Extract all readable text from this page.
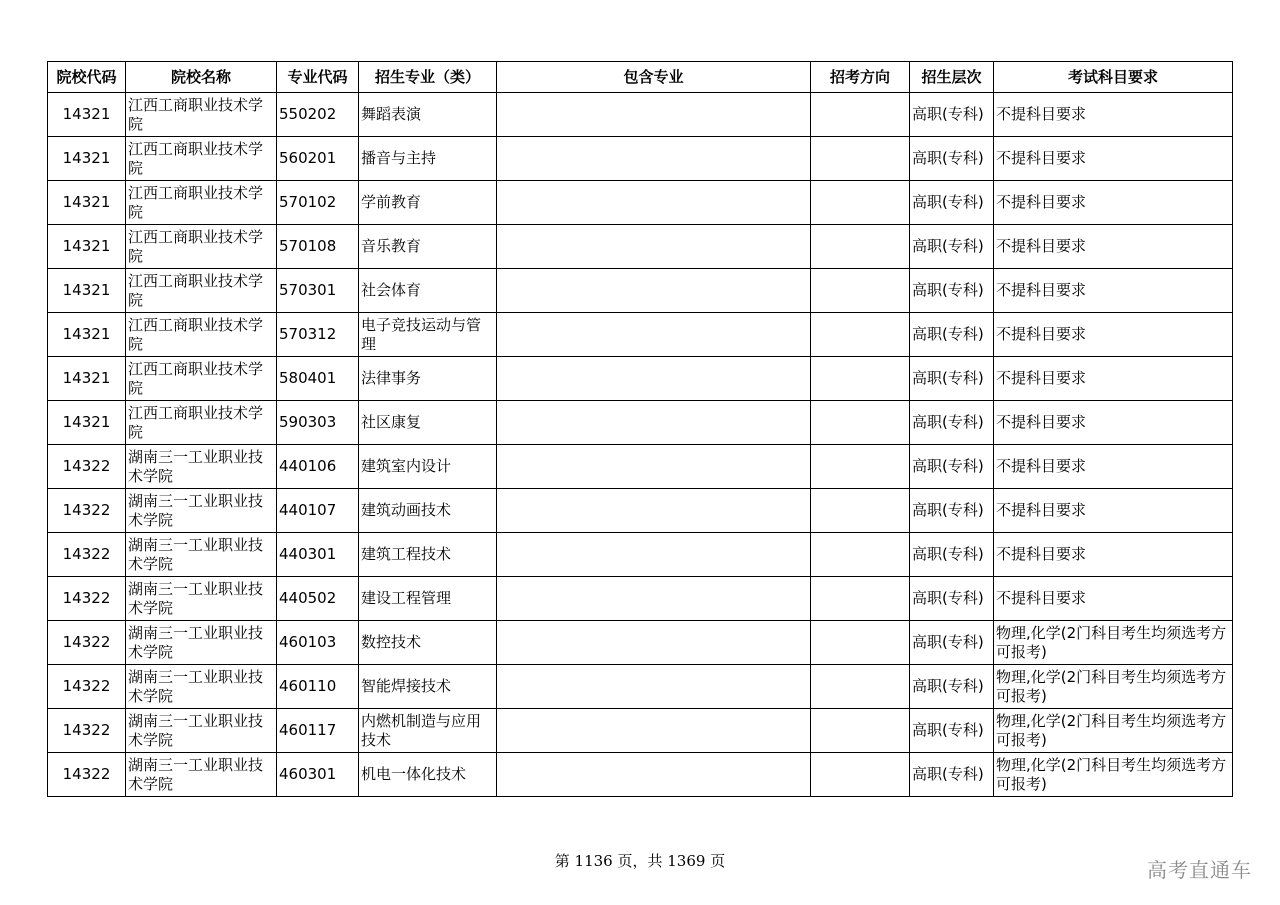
院校代码	院校名称	专业代码	招生专业（类）	包含专业	招考方向	招生层次	考试科目要求
14321	江西工商职业技术学院	550202	舞蹈表演			高职(专科)	不提科目要求
14321	江西工商职业技术学院	560201	播音与主持			高职(专科)	不提科目要求
14321	江西工商职业技术学院	570102	学前教育			高职(专科)	不提科目要求
14321	江西工商职业技术学院	570108	音乐教育			高职(专科)	不提科目要求
14321	江西工商职业技术学院	570301	社会体育			高职(专科)	不提科目要求
14321	江西工商职业技术学院	570312	电子竞技运动与管理			高职(专科)	不提科目要求
14321	江西工商职业技术学院	580401	法律事务			高职(专科)	不提科目要求
14321	江西工商职业技术学院	590303	社区康复			高职(专科)	不提科目要求
14322	湖南三一工业职业技术学院	440106	建筑室内设计			高职(专科)	不提科目要求
14322	湖南三一工业职业技术学院	440107	建筑动画技术			高职(专科)	不提科目要求
14322	湖南三一工业职业技术学院	440301	建筑工程技术			高职(专科)	不提科目要求
14322	湖南三一工业职业技术学院	440502	建设工程管理			高职(专科)	不提科目要求
14322	湖南三一工业职业技术学院	460103	数控技术			高职(专科)	物理,化学(2门科目考生均须选考方可报考)
14322	湖南三一工业职业技术学院	460110	智能焊接技术			高职(专科)	物理,化学(2门科目考生均须选考方可报考)
14322	湖南三一工业职业技术学院	460117	内燃机制造与应用技术			高职(专科)	物理,化学(2门科目考生均须选考方可报考)
14322	湖南三一工业职业技术学院	460301	机电一体化技术			高职(专科)	物理,化学(2门科目考生均须选考方可报考)
第 1136 页，共 1369 页	高考直通车
